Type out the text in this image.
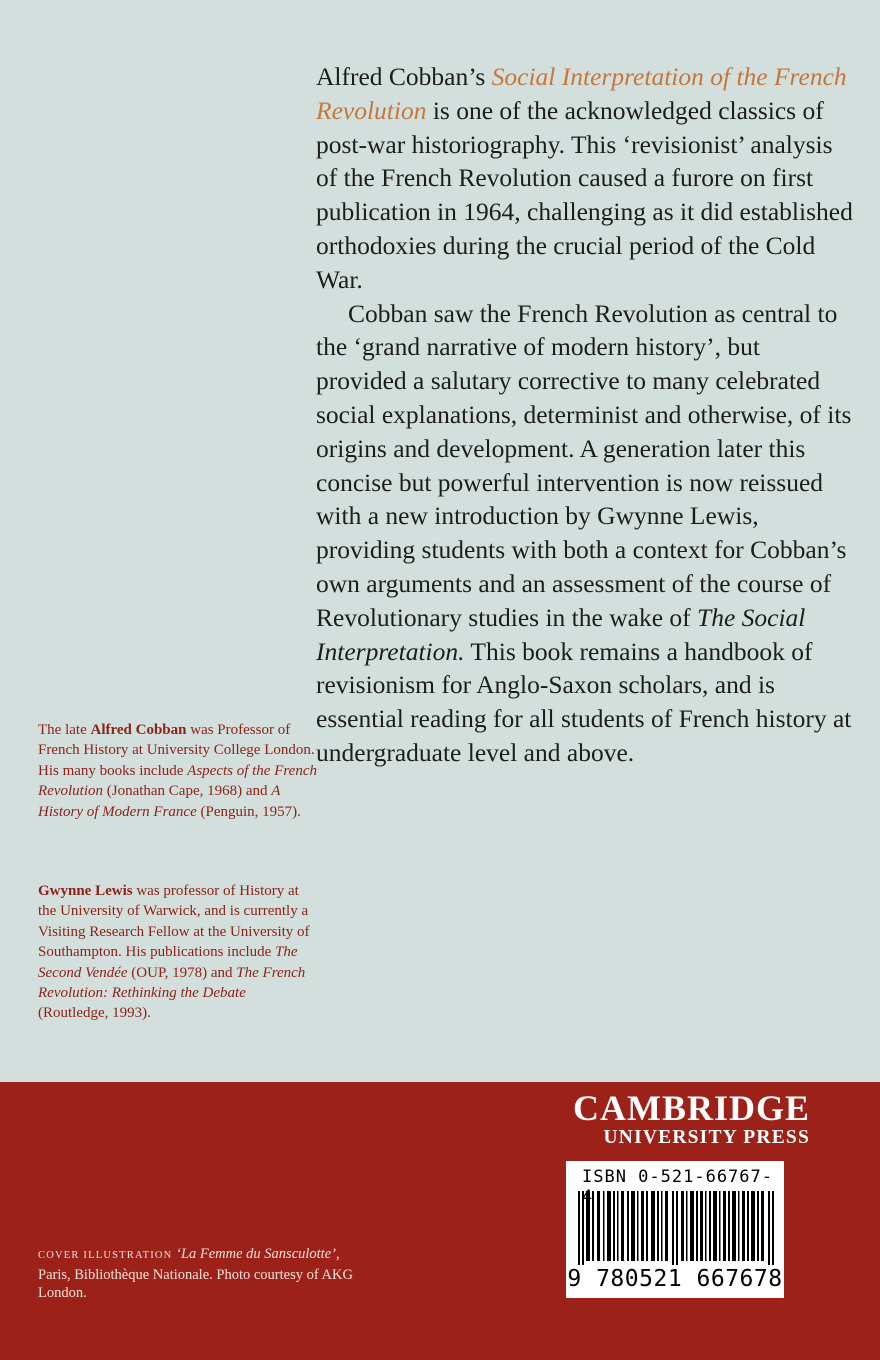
Alfred Cobban’s Social Interpretation of the French Revolution is one of the acknowledged classics of post-war historiography. This ‘revisionist’ analysis of the French Revolution caused a furore on first publication in 1964, challenging as it did established orthodoxies during the crucial period of the Cold War.

Cobban saw the French Revolution as central to the ‘grand narrative of modern history’, but provided a salutary corrective to many celebrated social explanations, determinist and otherwise, of its origins and development. A generation later this concise but powerful intervention is now reissued with a new introduction by Gwynne Lewis, providing students with both a context for Cobban’s own arguments and an assessment of the course of Revolutionary studies in the wake of The Social Interpretation. This book remains a handbook of revisionism for Anglo-Saxon scholars, and is essential reading for all students of French history at undergraduate level and above.

The late Alfred Cobban was Professor of French History at University College London. His many books include Aspects of the French Revolution (Jonathan Cape, 1968) and A History of Modern France (Penguin, 1957).

Gwynne Lewis was professor of History at the University of Warwick, and is currently a Visiting Research Fellow at the University of Southampton. His publications include The Second Vendée (OUP, 1978) and The French Revolution: Rethinking the Debate (Routledge, 1993).

CAMBRIDGE
UNIVERSITY PRESS
ISBN 0-521-66767-
9 780521 667678

COVER ILLUSTRATION ‘La Femme du Sansculotte’, Paris, Bibliothèque Nationale. Photo courtesy of AKG London.
